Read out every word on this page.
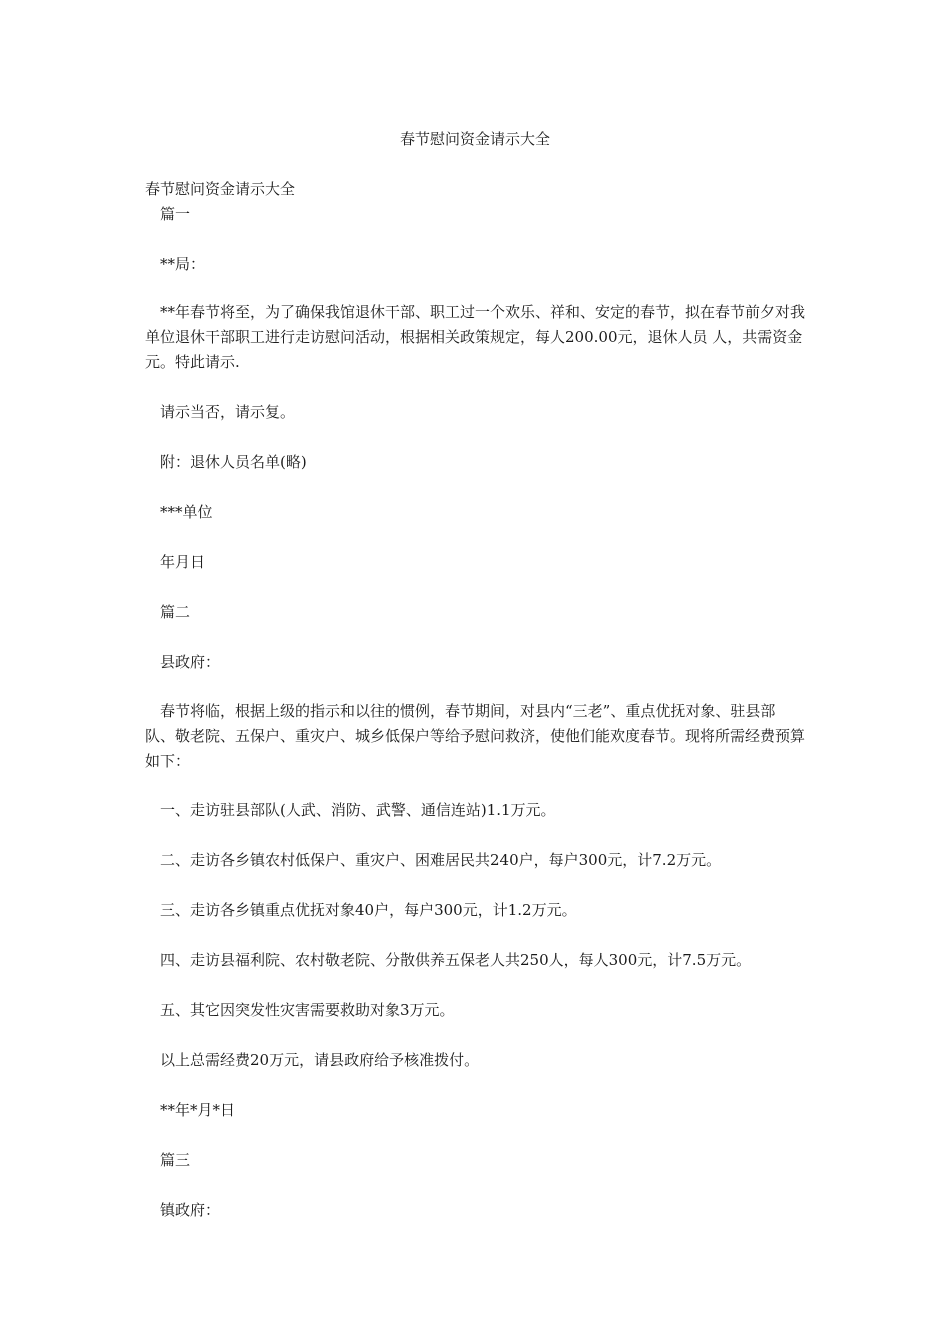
春节慰问资金请示大全

春节慰问资金请示大全

篇一

**局：

**年春节将至，为了确保我馆退休干部、职工过一个欢乐、祥和、安定的春节，拟在春节前夕对我单位退休干部职工进行走访慰问活动，根据相关政策规定，每人200.00元，退休人员 人，共需资金 元。特此请示.

请示当否，请示复。

附：退休人员名单(略)

***单位

年月日

篇二

县政府：

春节将临，根据上级的指示和以往的惯例，春节期间，对县内“三老”、重点优抚对象、驻县部队、敬老院、五保户、重灾户、城乡低保户等给予慰问救济，使他们能欢度春节。现将所需经费预算如下：

一、走访驻县部队(人武、消防、武警、通信连站)1.1万元。

二、走访各乡镇农村低保户、重灾户、困难居民共240户，每户300元，计7.2万元。

三、走访各乡镇重点优抚对象40户，每户300元，计1.2万元。

四、走访县福利院、农村敬老院、分散供养五保老人共250人，每人300元，计7.5万元。

五、其它因突发性灾害需要救助对象3万元。

以上总需经费20万元，请县政府给予核准拨付。

**年*月*日

篇三

镇政府：
